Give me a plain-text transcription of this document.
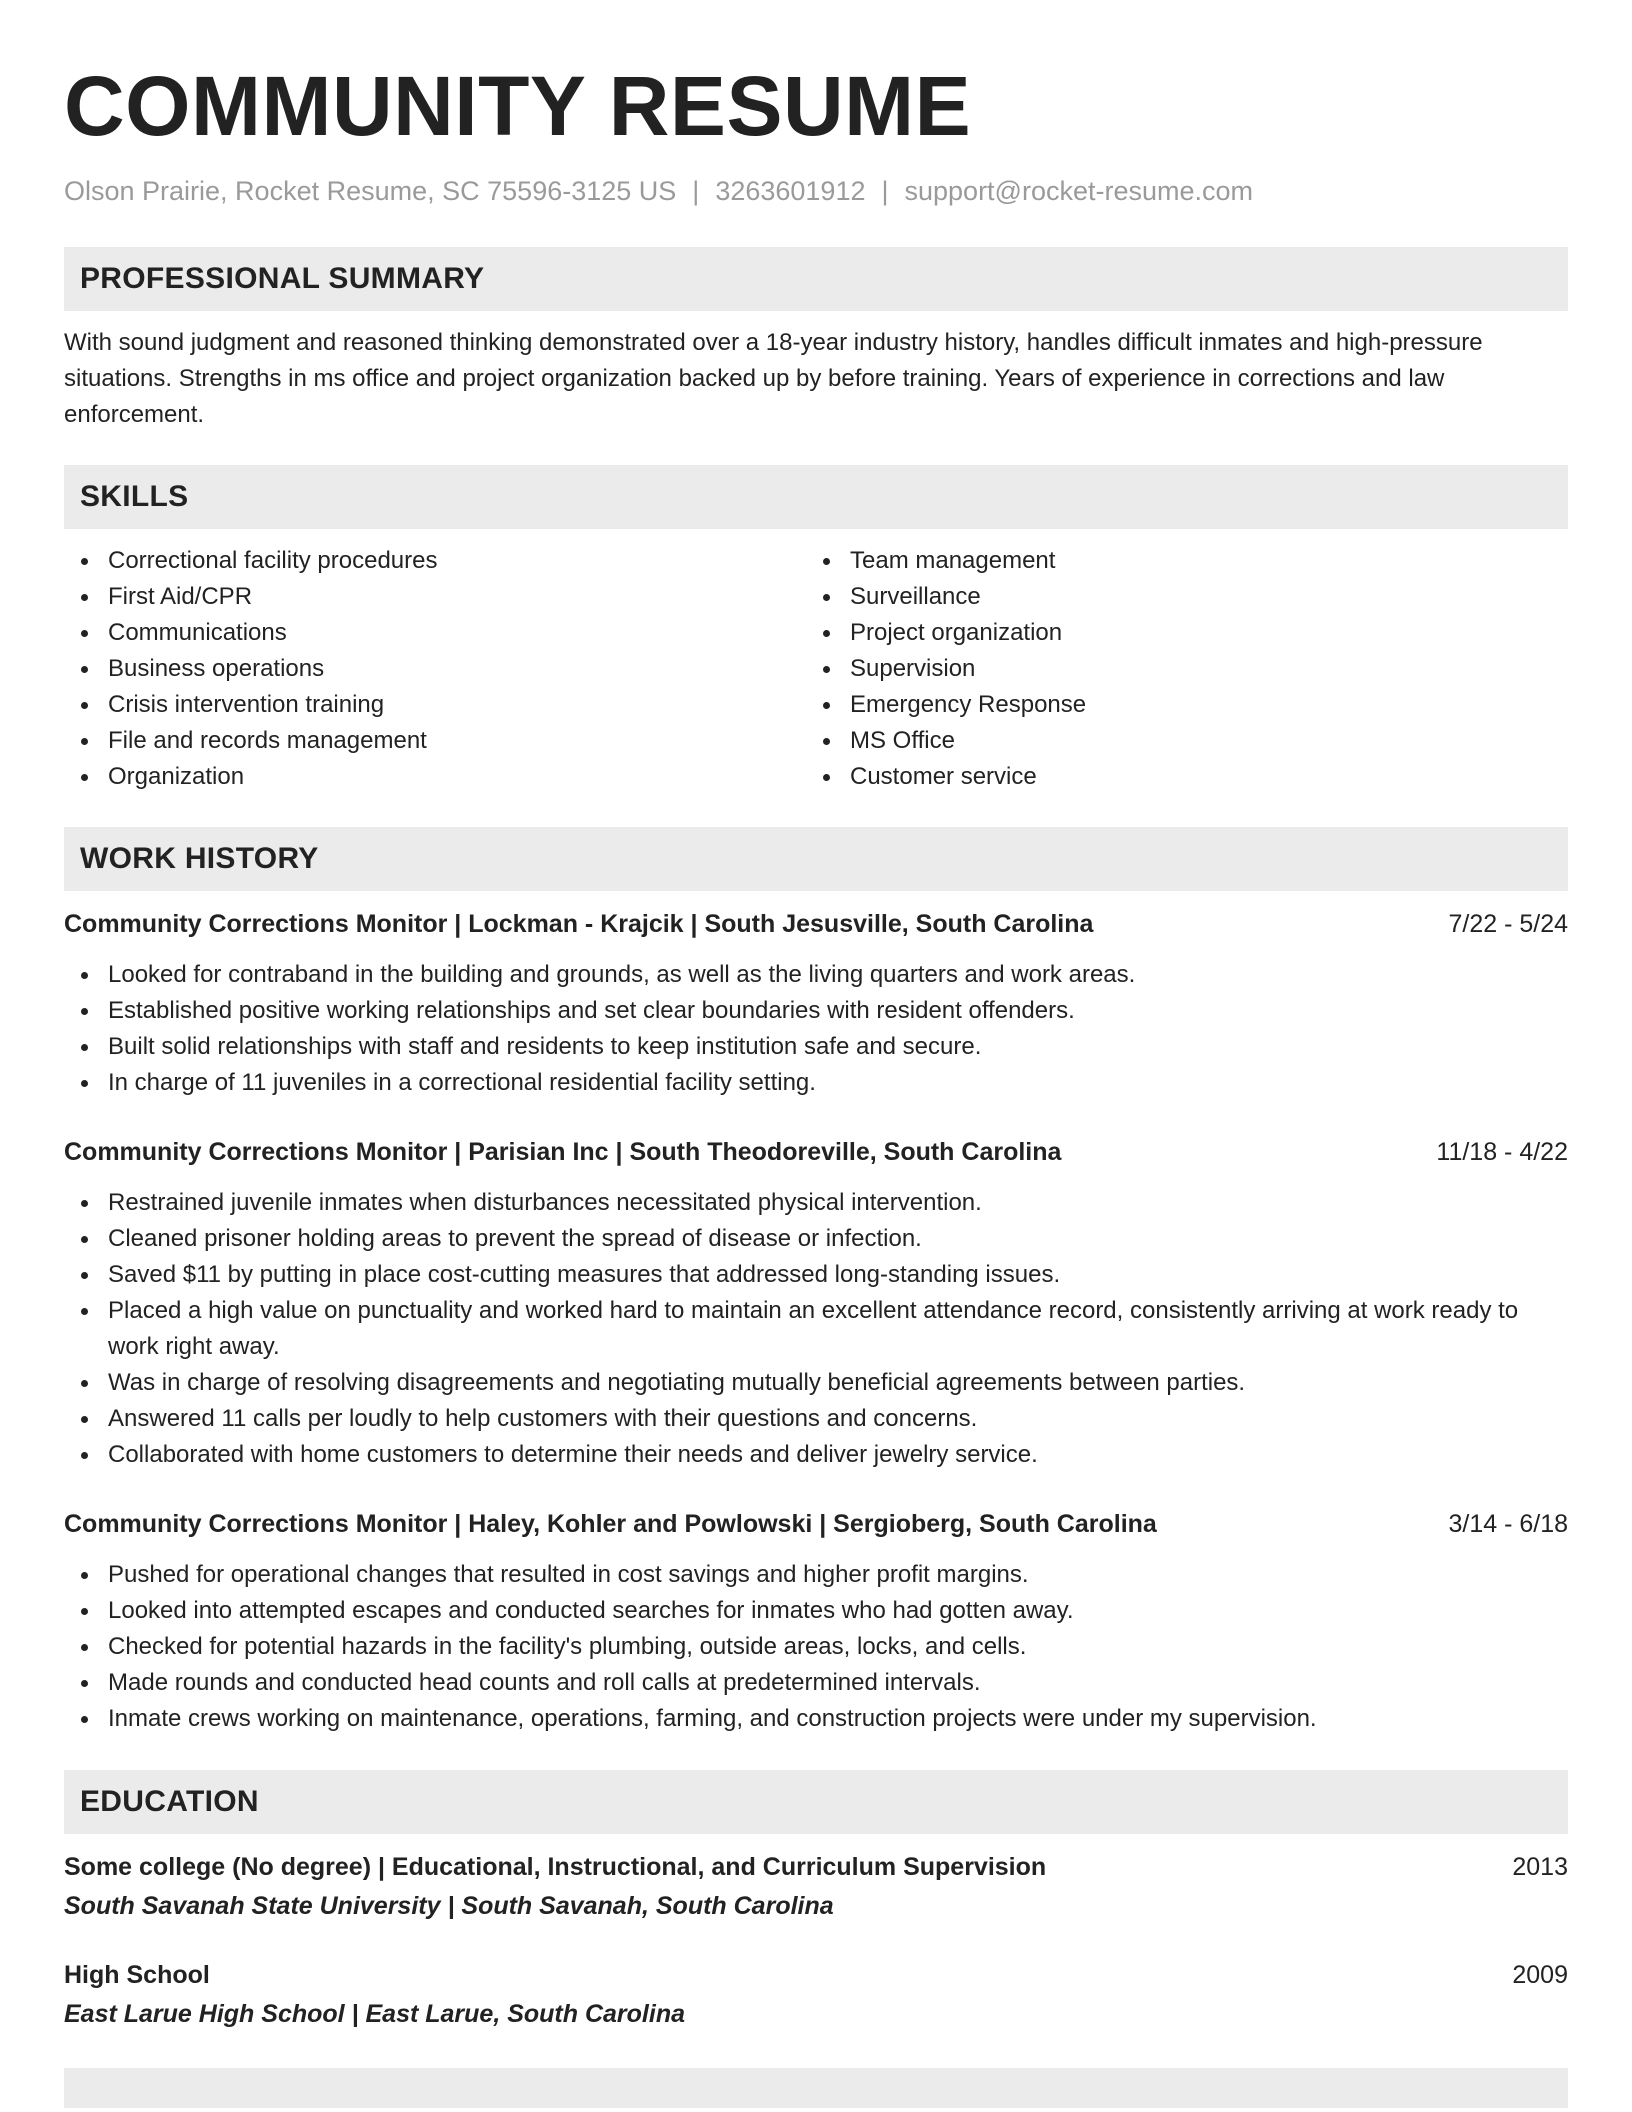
COMMUNITY RESUME
Olson Prairie, Rocket Resume, SC 75596-3125 US | 3263601912 | support@rocket-resume.com
PROFESSIONAL SUMMARY
With sound judgment and reasoned thinking demonstrated over a 18-year industry history, handles difficult inmates and high-pressure situations. Strengths in ms office and project organization backed up by before training. Years of experience in corrections and law enforcement.
SKILLS
Correctional facility procedures
First Aid/CPR
Communications
Business operations
Crisis intervention training
File and records management
Organization
Team management
Surveillance
Project organization
Supervision
Emergency Response
MS Office
Customer service
WORK HISTORY
Community Corrections Monitor | Lockman - Krajcik | South Jesusville, South Carolina	7/22 - 5/24
Looked for contraband in the building and grounds, as well as the living quarters and work areas.
Established positive working relationships and set clear boundaries with resident offenders.
Built solid relationships with staff and residents to keep institution safe and secure.
In charge of 11 juveniles in a correctional residential facility setting.
Community Corrections Monitor | Parisian Inc | South Theodoreville, South Carolina	11/18 - 4/22
Restrained juvenile inmates when disturbances necessitated physical intervention.
Cleaned prisoner holding areas to prevent the spread of disease or infection.
Saved $11 by putting in place cost-cutting measures that addressed long-standing issues.
Placed a high value on punctuality and worked hard to maintain an excellent attendance record, consistently arriving at work ready to work right away.
Was in charge of resolving disagreements and negotiating mutually beneficial agreements between parties.
Answered 11 calls per loudly to help customers with their questions and concerns.
Collaborated with home customers to determine their needs and deliver jewelry service.
Community Corrections Monitor | Haley, Kohler and Powlowski | Sergioberg, South Carolina	3/14 - 6/18
Pushed for operational changes that resulted in cost savings and higher profit margins.
Looked into attempted escapes and conducted searches for inmates who had gotten away.
Checked for potential hazards in the facility's plumbing, outside areas, locks, and cells.
Made rounds and conducted head counts and roll calls at predetermined intervals.
Inmate crews working on maintenance, operations, farming, and construction projects were under my supervision.
EDUCATION
Some college (No degree) | Educational, Instructional, and Curriculum Supervision	2013
South Savanah State University | South Savanah, South Carolina
High School	2009
East Larue High School | East Larue, South Carolina
